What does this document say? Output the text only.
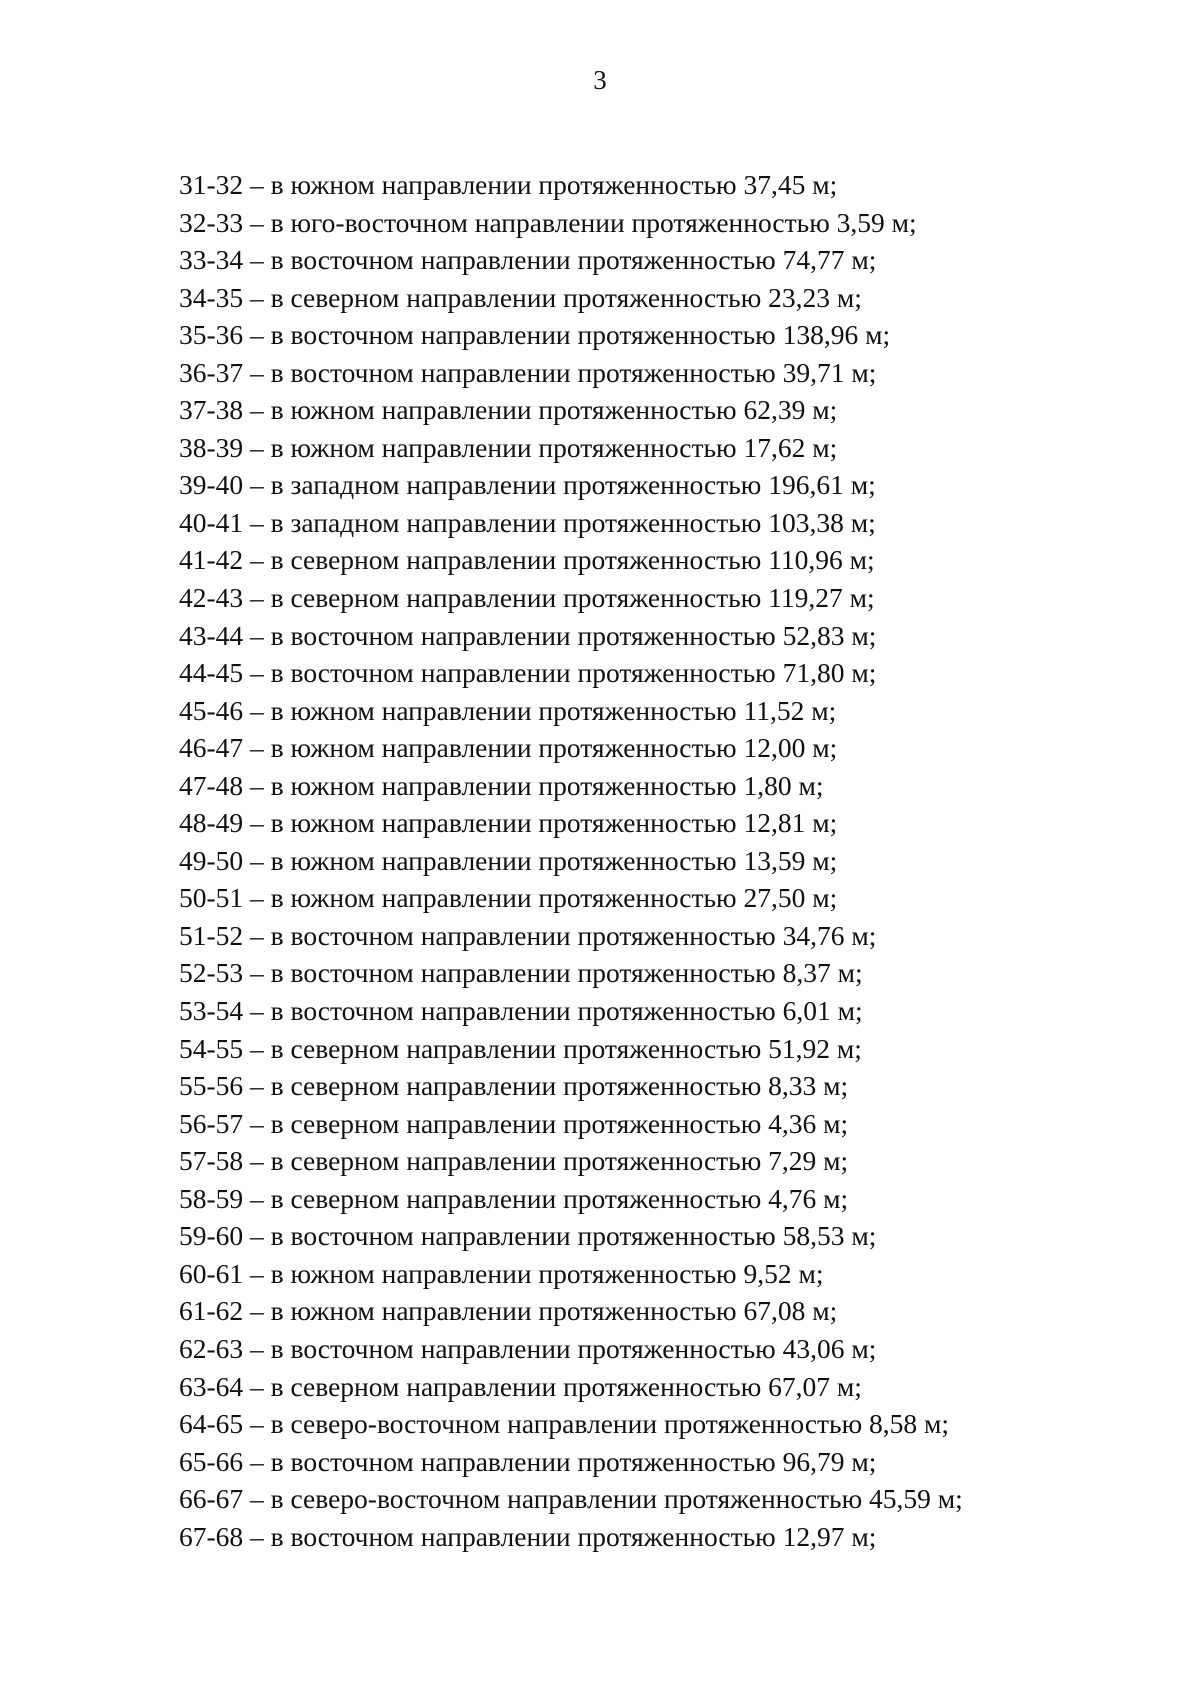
3
31-32 – в южном направлении протяженностью 37,45 м;
32-33 – в юго-восточном направлении протяженностью 3,59 м;
33-34 – в восточном направлении протяженностью 74,77 м;
34-35 – в северном направлении протяженностью 23,23 м;
35-36 – в восточном направлении протяженностью 138,96 м;
36-37 – в восточном направлении протяженностью 39,71 м;
37-38 – в южном направлении протяженностью 62,39 м;
38-39 – в южном направлении протяженностью 17,62 м;
39-40 – в западном направлении протяженностью 196,61 м;
40-41 – в западном направлении протяженностью 103,38 м;
41-42 – в северном направлении протяженностью 110,96 м;
42-43 – в северном направлении протяженностью 119,27 м;
43-44 – в восточном направлении протяженностью 52,83 м;
44-45 – в восточном направлении протяженностью 71,80 м;
45-46 – в южном направлении протяженностью 11,52 м;
46-47 – в южном направлении протяженностью 12,00 м;
47-48 – в южном направлении протяженностью 1,80 м;
48-49 – в южном направлении протяженностью 12,81 м;
49-50 – в южном направлении протяженностью 13,59 м;
50-51 – в южном направлении протяженностью 27,50 м;
51-52 – в восточном направлении протяженностью 34,76 м;
52-53 – в восточном направлении протяженностью 8,37 м;
53-54 – в восточном направлении протяженностью 6,01 м;
54-55 – в северном направлении протяженностью 51,92 м;
55-56 – в северном направлении протяженностью 8,33 м;
56-57 – в северном направлении протяженностью 4,36 м;
57-58 – в северном направлении протяженностью 7,29 м;
58-59 – в северном направлении протяженностью 4,76 м;
59-60 – в восточном направлении протяженностью 58,53 м;
60-61 – в южном направлении протяженностью 9,52 м;
61-62 – в южном направлении протяженностью 67,08 м;
62-63 – в восточном направлении протяженностью 43,06 м;
63-64 – в северном направлении протяженностью 67,07 м;
64-65 – в северо-восточном направлении протяженностью 8,58 м;
65-66 – в восточном направлении протяженностью 96,79 м;
66-67 – в северо-восточном направлении протяженностью 45,59 м;
67-68 – в восточном направлении протяженностью 12,97 м;
